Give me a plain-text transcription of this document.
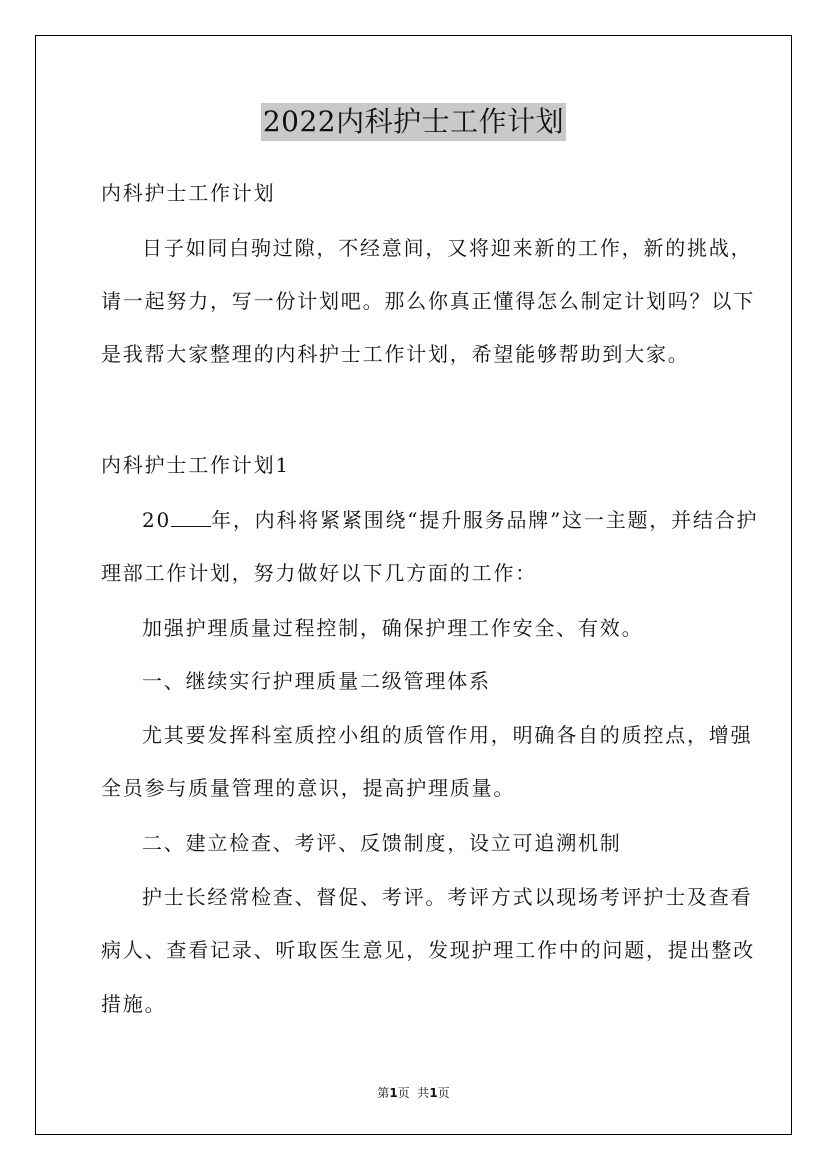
2022内科护士工作计划
内科护士工作计划
日子如同白驹过隙，不经意间，又将迎来新的工作，新的挑战，
请一起努力，写一份计划吧。那么你真正懂得怎么制定计划吗？以下
是我帮大家整理的内科护士工作计划，希望能够帮助到大家。
内科护士工作计划1
20 年，内科将紧紧围绕“提升服务品牌”这一主题，并结合护
理部工作计划，努力做好以下几方面的工作：
加强护理质量过程控制，确保护理工作安全、有效。
一、继续实行护理质量二级管理体系
尤其要发挥科室质控小组的质管作用，明确各自的质控点，增强
全员参与质量管理的意识，提高护理质量。
二、建立检查、考评、反馈制度，设立可追溯机制
护士长经常检查、督促、考评。考评方式以现场考评护士及查看
病人、查看记录、听取医生意见，发现护理工作中的问题，提出整改
措施。
第1页  共1页
